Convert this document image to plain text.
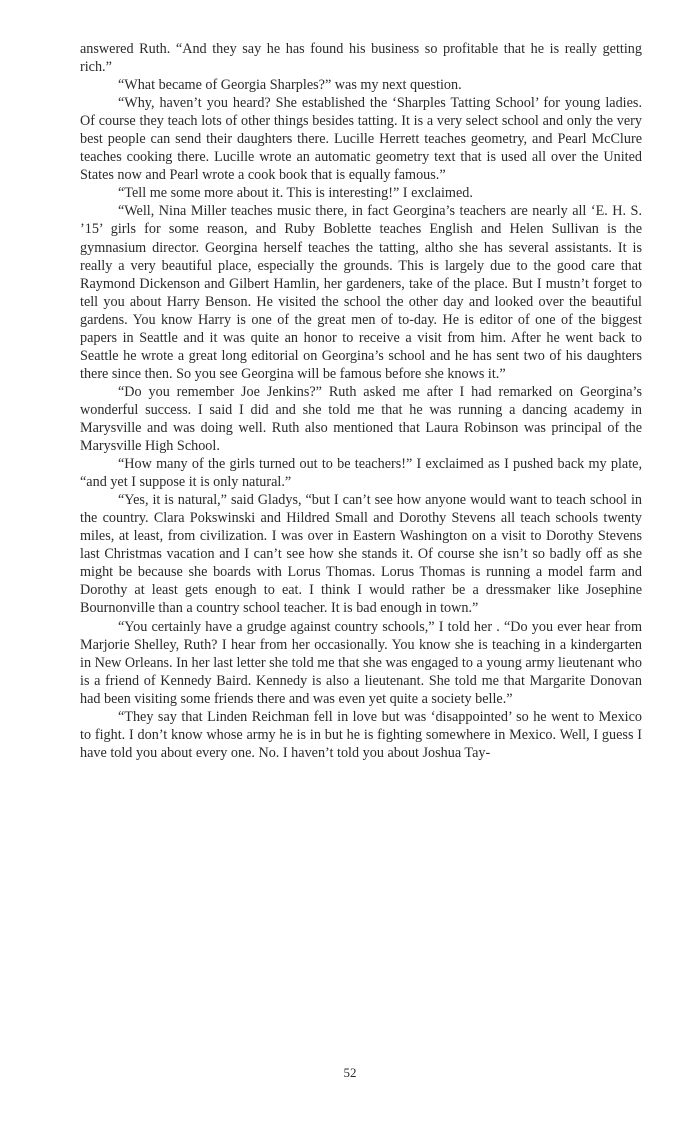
answered Ruth. “And they say he has found his business so profitable that he is really getting rich.”

“What became of Georgia Sharples?” was my next question.

“Why, haven’t you heard? She established the ‘Sharples Tatting School’ for young ladies. Of course they teach lots of other things besides tatting. It is a very select school and only the very best people can send their daughters there. Lucille Herrett teaches geometry, and Pearl McClure teaches cooking there. Lucille wrote an automatic geometry text that is used all over the United States now and Pearl wrote a cook book that is equally famous.”

“Tell me some more about it. This is interesting!” I exclaimed.

“Well, Nina Miller teaches music there, in fact Georgina’s teachers are nearly all ‘E. H. S. ’15’ girls for some reason, and Ruby Boblette teaches English and Helen Sullivan is the gymnasium director. Georgina herself teaches the tatting, altho she has several assistants. It is really a very beautiful place, especially the grounds. This is largely due to the good care that Raymond Dickenson and Gilbert Hamlin, her gardeners, take of the place. But I mustn’t forget to tell you about Harry Benson. He visited the school the other day and looked over the beautiful gardens. You know Harry is one of the great men of to-day. He is editor of one of the biggest papers in Seattle and it was quite an honor to receive a visit from him. After he went back to Seattle he wrote a great long editorial on Georgina’s school and he has sent two of his daughters there since then. So you see Georgina will be famous before she knows it.”

“Do you remember Joe Jenkins?” Ruth asked me after I had remarked on Georgina’s wonderful success. I said I did and she told me that he was running a dancing academy in Marysville and was doing well. Ruth also mentioned that Laura Robinson was principal of the Marysville High School.

“How many of the girls turned out to be teachers!” I exclaimed as I pushed back my plate, “and yet I suppose it is only natural.”

“Yes, it is natural,” said Gladys, “but I can’t see how anyone would want to teach school in the country. Clara Pokswinski and Hildred Small and Dorothy Stevens all teach schools twenty miles, at least, from civilization. I was over in Eastern Washington on a visit to Dorothy Stevens last Christmas vacation and I can’t see how she stands it. Of course she isn’t so badly off as she might be because she boards with Lorus Thomas. Lorus Thomas is running a model farm and Dorothy at least gets enough to eat. I think I would rather be a dressmaker like Josephine Bournonville than a country school teacher. It is bad enough in town.”

“You certainly have a grudge against country schools,” I told her . “Do you ever hear from Marjorie Shelley, Ruth? I hear from her occasionally. You know she is teaching in a kindergarten in New Orleans. In her last letter she told me that she was engaged to a young army lieutenant who is a friend of Kennedy Baird. Kennedy is also a lieutenant. She told me that Margarite Donovan had been visiting some friends there and was even yet quite a society belle.”

“They say that Linden Reichman fell in love but was ‘disappointed’ so he went to Mexico to fight. I don’t know whose army he is in but he is fighting somewhere in Mexico. Well, I guess I have told you about every one. No. I haven’t told you about Joshua Tay-

52
